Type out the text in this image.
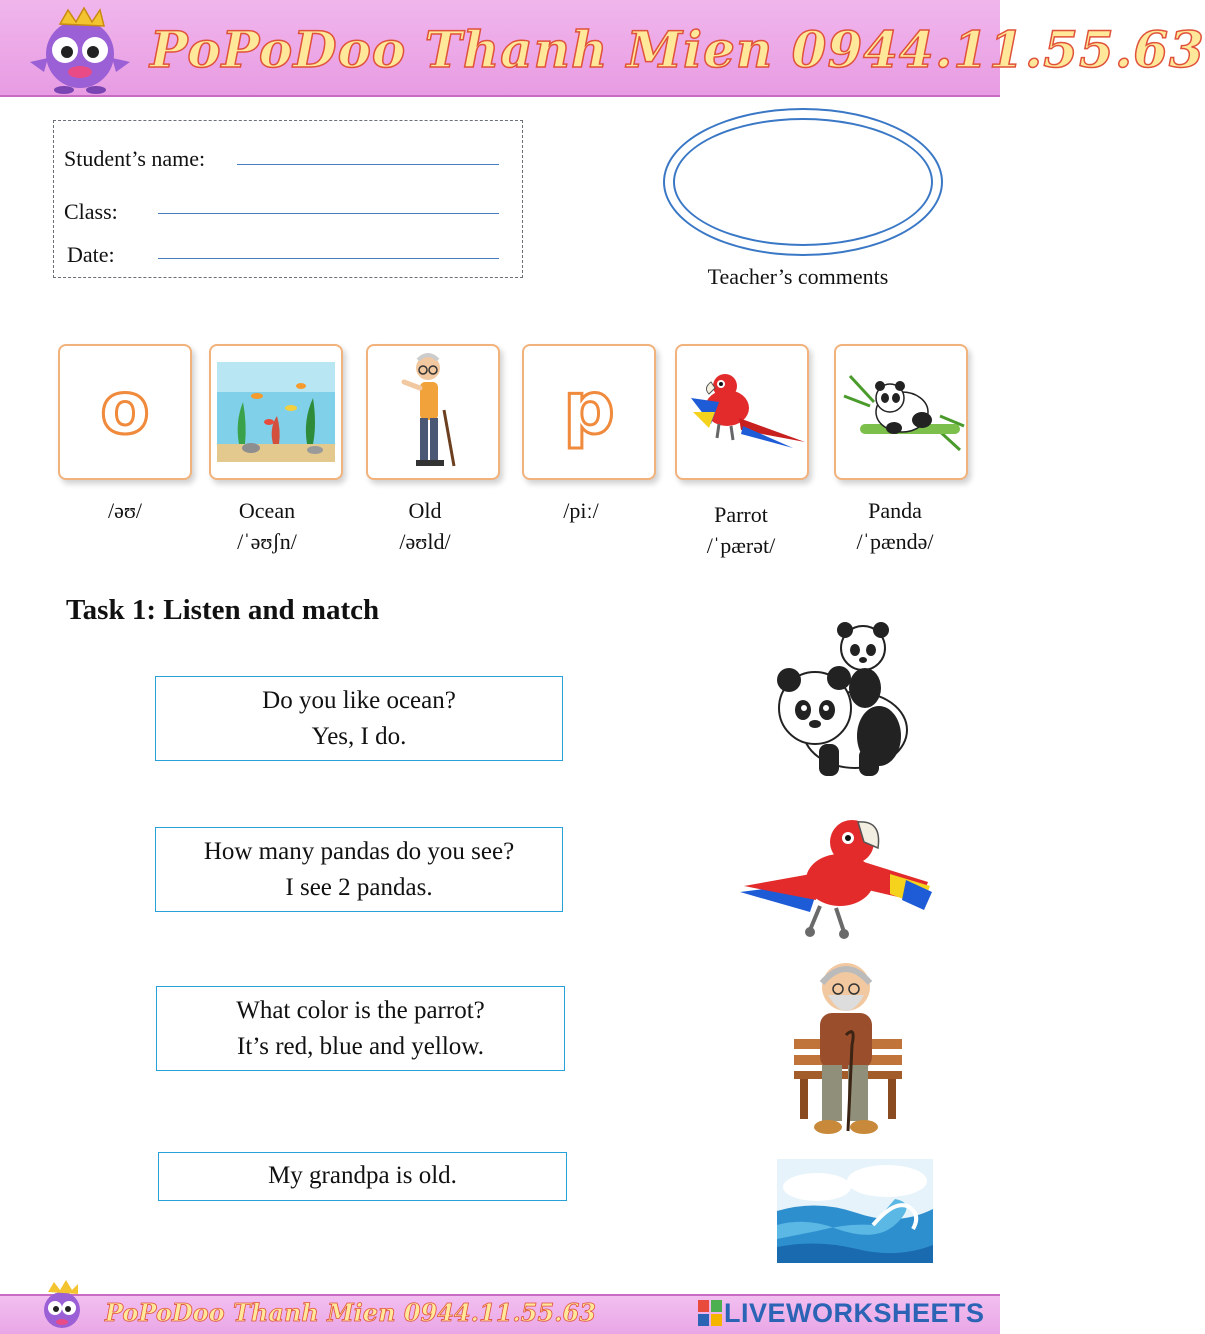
PoPoDoo Thanh Mien 0944.11.55.63
Student’s name:
Class:
Date:
Teacher’s comments
o	p
/əʊ/	Ocean
/ˈəʊʃn/
Old
/əʊld/
/piː/	Parrot
/ˈpærət/
Panda
/ˈpændə/
Task 1: Listen and match
Do you like ocean?
Yes, I do.
How many pandas do you see?
I see 2 pandas.
What color is the parrot?
It’s red, blue and yellow.
My grandpa is old.
PoPoDoo Thanh Mien 0944.11.55.63	LIVEWORKSHEETS
